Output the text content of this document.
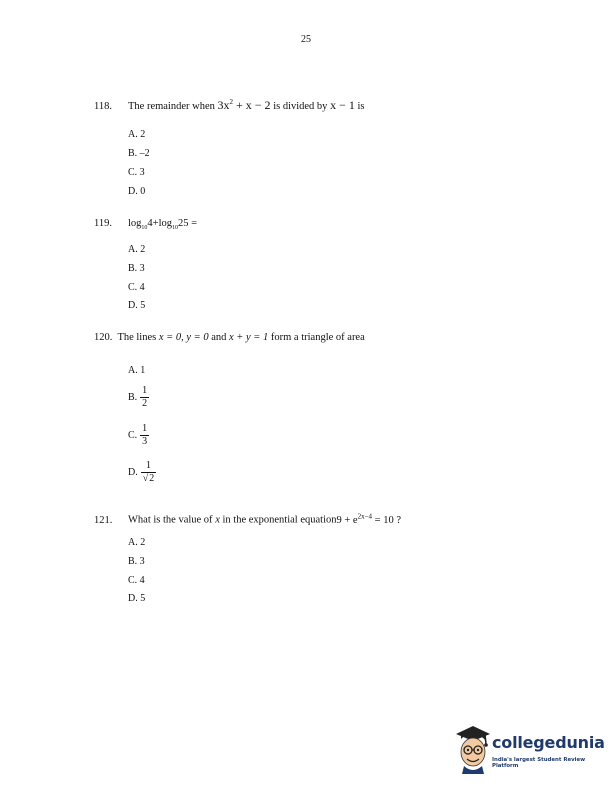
25
118. The remainder when $3x^2 + x - 2$ is divided by x − 1 is
A. 2
B. –2
C. 3
D. 0
119. $\log_{10}4+\log_{10}25$ =
A. 2
B. 3
C. 4
D. 5
120. The lines x = 0, y = 0 and x + y = 1 form a triangle of area
A. 1
B. $\frac{1}{2}$
C. $\frac{1}{3}$
D. $\frac{1}{√2}$
121. What is the value of x in the exponential equation9 + $e^{2x-4} = 10$ ?
A. 2
B. 3
C. 4
D. 5
collegedunia
India's largest Student Review Platform
